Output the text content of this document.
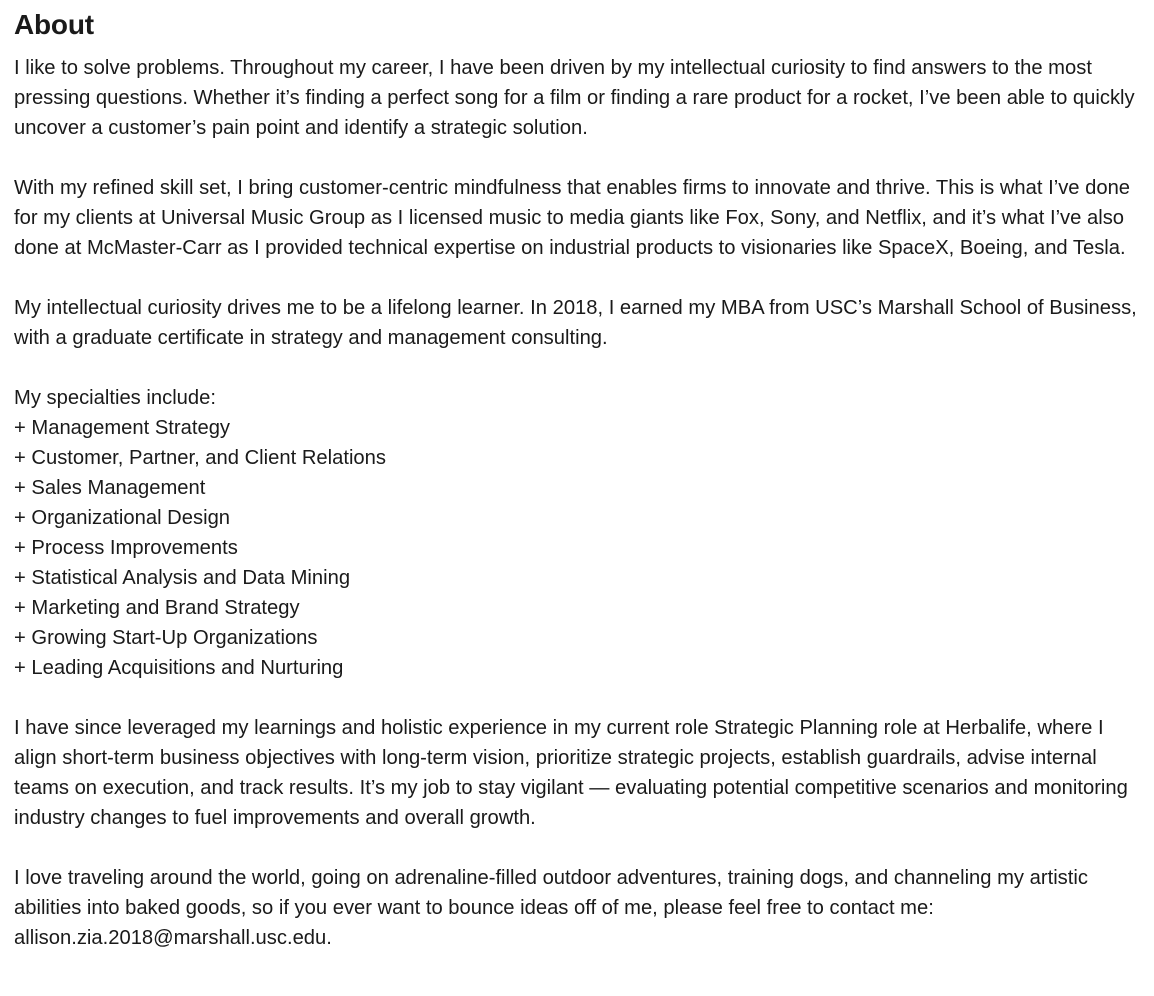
About

I like to solve problems. Throughout my career, I have been driven by my intellectual curiosity to find answers to the most pressing questions. Whether it’s finding a perfect song for a film or finding a rare product for a rocket, I’ve been able to quickly uncover a customer’s pain point and identify a strategic solution.

With my refined skill set, I bring customer-centric mindfulness that enables firms to innovate and thrive. This is what I’ve done for my clients at Universal Music Group as I licensed music to media giants like Fox, Sony, and Netflix, and it’s what I’ve also done at McMaster-Carr as I provided technical expertise on industrial products to visionaries like SpaceX, Boeing, and Tesla.

My intellectual curiosity drives me to be a lifelong learner. In 2018, I earned my MBA from USC’s Marshall School of Business, with a graduate certificate in strategy and management consulting.

My specialties include:
+ Management Strategy
+ Customer, Partner, and Client Relations
+ Sales Management
+ Organizational Design
+ Process Improvements
+ Statistical Analysis and Data Mining
+ Marketing and Brand Strategy
+ Growing Start-Up Organizations
+ Leading Acquisitions and Nurturing

I have since leveraged my learnings and holistic experience in my current role Strategic Planning role at Herbalife, where I align short-term business objectives with long-term vision, prioritize strategic projects, establish guardrails, advise internal teams on execution, and track results. It’s my job to stay vigilant — evaluating potential competitive scenarios and monitoring industry changes to fuel improvements and overall growth.

I love traveling around the world, going on adrenaline-filled outdoor adventures, training dogs, and channeling my artistic abilities into baked goods, so if you ever want to bounce ideas off of me, please feel free to contact me:
allison.zia.2018@marshall.usc.edu.
